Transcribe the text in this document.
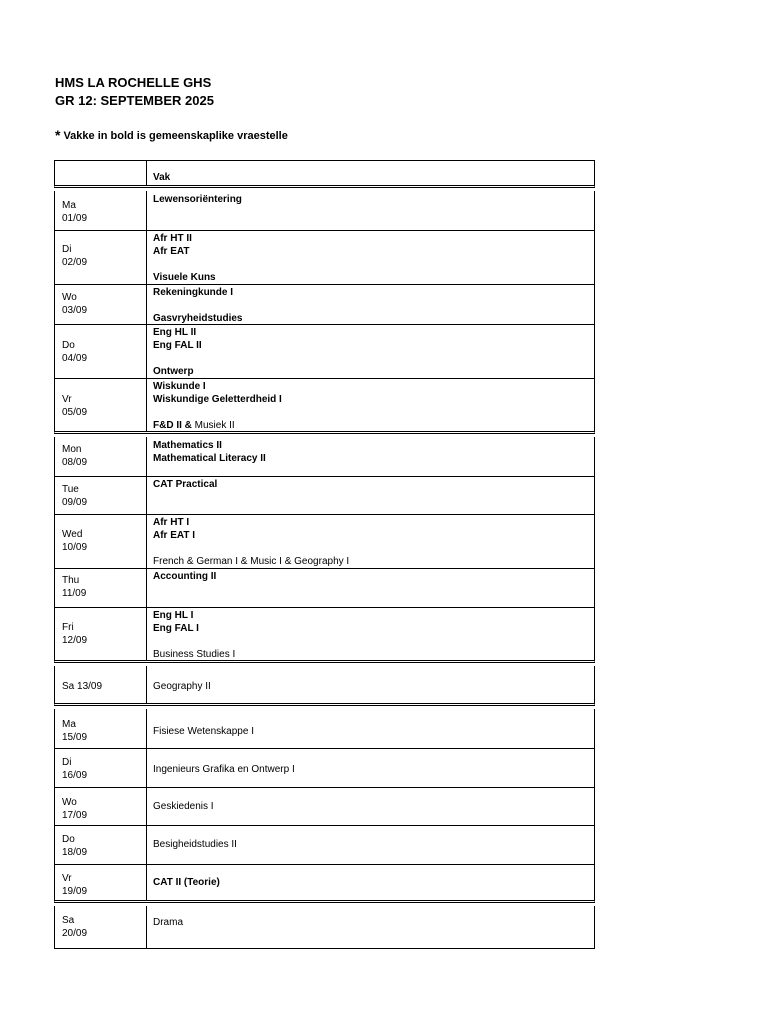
HMS LA ROCHELLE GHS
GR 12: SEPTEMBER 2025
* Vakke in bold is gemeenskaplike vraestelle
Vak
Ma
01/09
Lewensoriëntering
Di
02/09
Afr HT II
Afr EAT
Visuele Kuns
Wo
03/09
Rekeningkunde I
Gasvryheidstudies
Do
04/09
Eng HL II
Eng FAL II
Ontwerp
Vr
05/09
Wiskunde I
Wiskundige Geletterdheid I
F&D II & Musiek II
Mon
08/09
Mathematics II
Mathematical Literacy II
Tue
09/09
CAT Practical
Wed
10/09
Afr HT I
Afr EAT I
French & German I & Music I & Geography I
Thu
11/09
Accounting II
Fri
12/09
Eng HL I
Eng FAL I
Business Studies I
Sa 13/09	Geography II
Ma
15/09
Fisiese Wetenskappe I
Di
16/09
Ingenieurs Grafika en Ontwerp I
Wo
17/09
Geskiedenis I
Do
18/09
Besigheidstudies II
Vr
19/09
CAT II (Teorie)
Sa
20/09
Drama
